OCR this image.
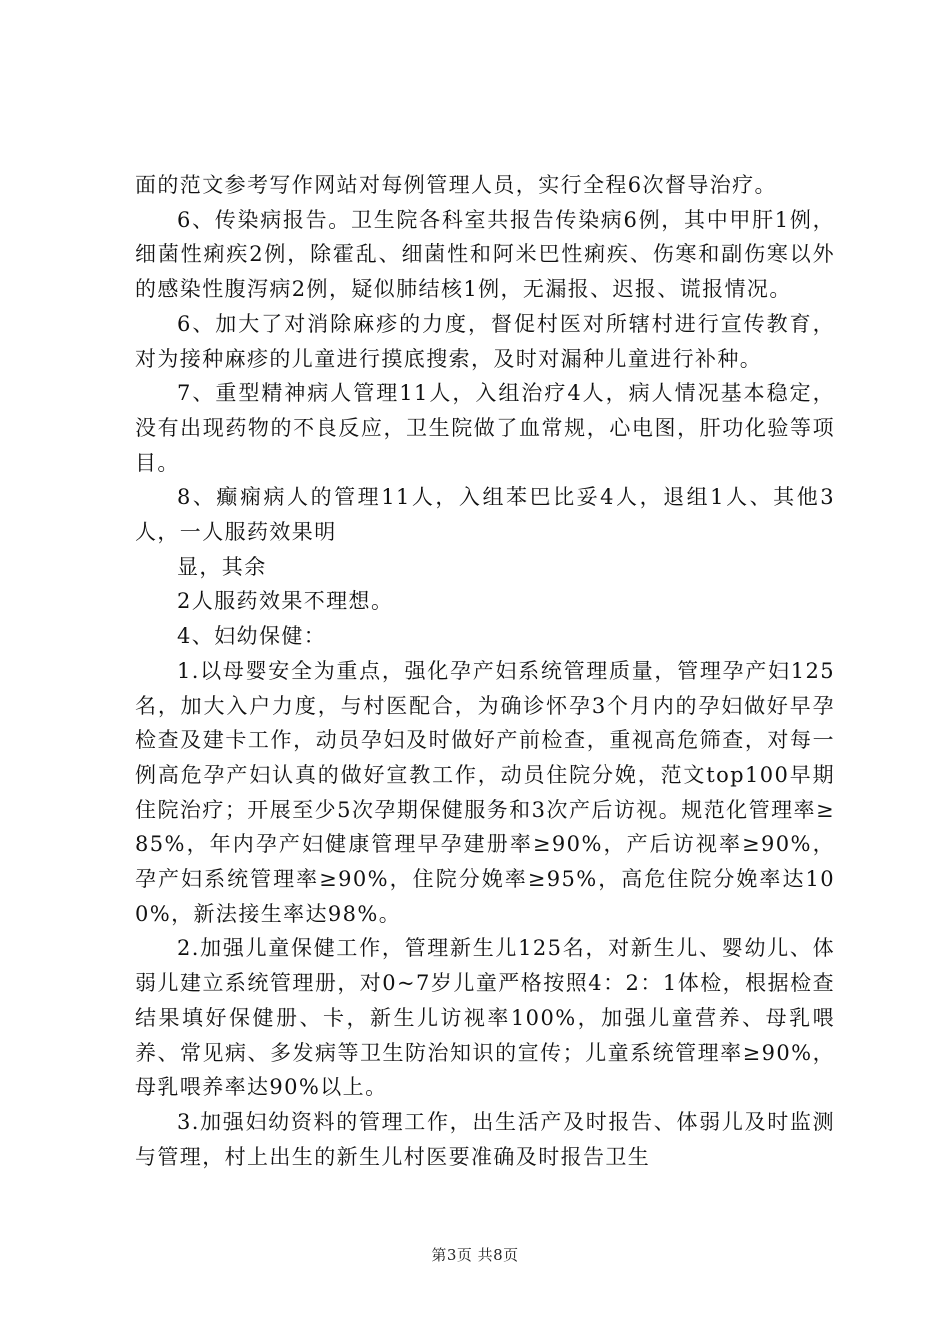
面的范文参考写作网站对每例管理人员，实行全程6次督导治疗。

6、传染病报告。卫生院各科室共报告传染病6例，其中甲肝1例，细菌性痢疾2例，除霍乱、细菌性和阿米巴性痢疾、伤寒和副伤寒以外的感染性腹泻病2例，疑似肺结核1例，无漏报、迟报、谎报情况。

6、加大了对消除麻疹的力度，督促村医对所辖村进行宣传教育，对为接种麻疹的儿童进行摸底搜索，及时对漏种儿童进行补种。

7、重型精神病人管理11人，入组治疗4人，病人情况基本稳定，没有出现药物的不良反应，卫生院做了血常规，心电图，肝功化验等项目。

8、癫痫病人的管理11人，入组苯巴比妥4人，退组1人、其他3人，一人服药效果明

显，其余

2人服药效果不理想。

4、妇幼保健：

1.以母婴安全为重点，强化孕产妇系统管理质量，管理孕产妇125名，加大入户力度，与村医配合，为确诊怀孕3个月内的孕妇做好早孕检查及建卡工作，动员孕妇及时做好产前检查，重视高危筛查，对每一例高危孕产妇认真的做好宣教工作，动员住院分娩，范文top100早期住院治疗；开展至少5次孕期保健服务和3次产后访视。规范化管理率≥85%，年内孕产妇健康管理早孕建册率≥90%，产后访视率≥90%，孕产妇系统管理率≥90%，住院分娩率≥95%，高危住院分娩率达100%，新法接生率达98%。

2.加强儿童保健工作，管理新生儿125名，对新生儿、婴幼儿、体弱儿建立系统管理册，对0~7岁儿童严格按照4：2：1体检，根据检查结果填好保健册、卡，新生儿访视率100%，加强儿童营养、母乳喂养、常见病、多发病等卫生防治知识的宣传；儿童系统管理率≥90%，母乳喂养率达90%以上。

3.加强妇幼资料的管理工作，出生活产及时报告、体弱儿及时监测与管理，村上出生的新生儿村医要准确及时报告卫生

第3页 共8页
